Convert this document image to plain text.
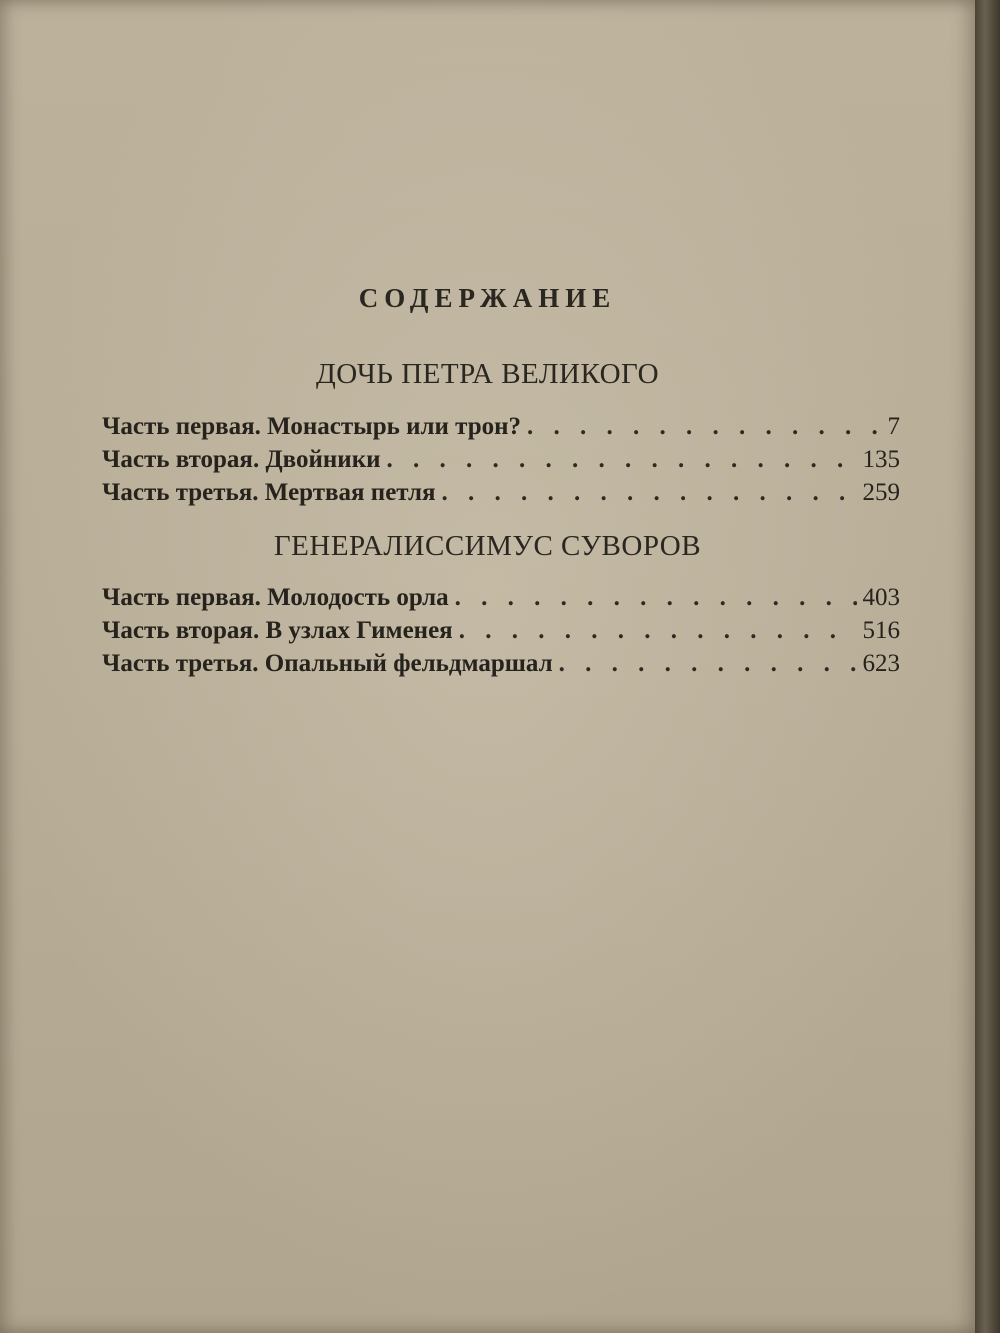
СОДЕРЖАНИЕ
ДОЧЬ ПЕТРА ВЕЛИКОГО
Часть первая. Монастырь или трон? . . .	7
Часть вторая. Двойники . . .	135
Часть третья. Мертвая петля . . .	259
ГЕНЕРАЛИССИМУС СУВОРОВ
Часть первая. Молодость орла . . .	403
Часть вторая. В узлах Гименея . . .	516
Часть третья. Опальный фельдмаршал . . .	623
